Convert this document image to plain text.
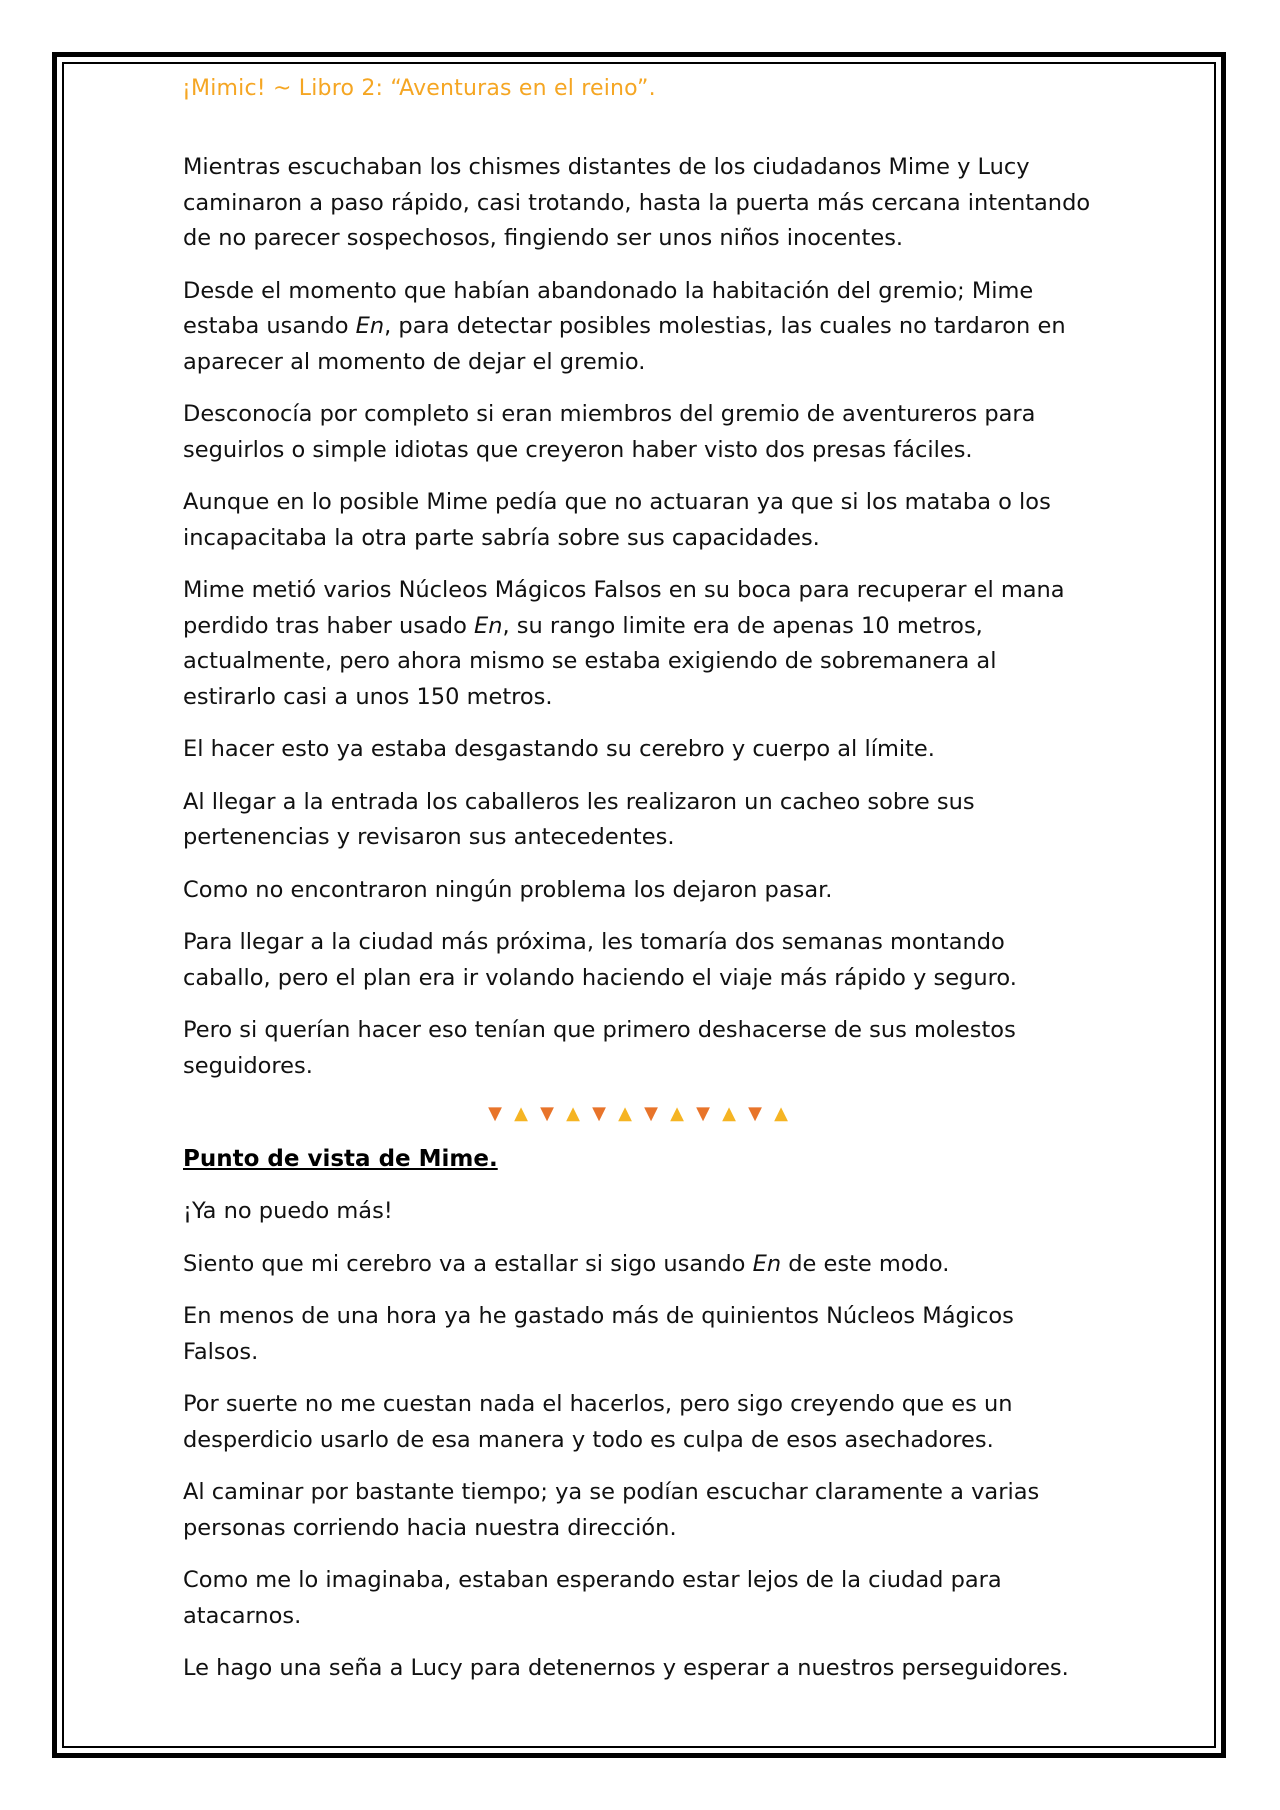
¡Mimic! ~ Libro 2: “Aventuras en el reino”.

Mientras escuchaban los chismes distantes de los ciudadanos Mime y Lucy caminaron a paso rápido, casi trotando, hasta la puerta más cercana intentando de no parecer sospechosos, fingiendo ser unos niños inocentes.

Desde el momento que habían abandonado la habitación del gremio; Mime estaba usando En, para detectar posibles molestias, las cuales no tardaron en aparecer al momento de dejar el gremio.

Desconocía por completo si eran miembros del gremio de aventureros para seguirlos o simple idiotas que creyeron haber visto dos presas fáciles.

Aunque en lo posible Mime pedía que no actuaran ya que si los mataba o los incapacitaba la otra parte sabría sobre sus capacidades.

Mime metió varios Núcleos Mágicos Falsos en su boca para recuperar el mana perdido tras haber usado En, su rango limite era de apenas 10 metros, actualmente, pero ahora mismo se estaba exigiendo de sobremanera al estirarlo casi a unos 150 metros.

El hacer esto ya estaba desgastando su cerebro y cuerpo al límite.

Al llegar a la entrada los caballeros les realizaron un cacheo sobre sus pertenencias y revisaron sus antecedentes.

Como no encontraron ningún problema los dejaron pasar.

Para llegar a la ciudad más próxima, les tomaría dos semanas montando caballo, pero el plan era ir volando haciendo el viaje más rápido y seguro.

Pero si querían hacer eso tenían que primero deshacerse de sus molestos seguidores.

▼ ▲ ▼ ▲ ▼ ▲ ▼ ▲ ▼ ▲ ▼ ▲
Punto de vista de Mime.

¡Ya no puedo más!

Siento que mi cerebro va a estallar si sigo usando En de este modo.

En menos de una hora ya he gastado más de quinientos Núcleos Mágicos Falsos.

Por suerte no me cuestan nada el hacerlos, pero sigo creyendo que es un desperdicio usarlo de esa manera y todo es culpa de esos asechadores.

Al caminar por bastante tiempo; ya se podían escuchar claramente a varias personas corriendo hacia nuestra dirección.

Como me lo imaginaba, estaban esperando estar lejos de la ciudad para atacarnos.

Le hago una seña a Lucy para detenernos y esperar a nuestros perseguidores.
